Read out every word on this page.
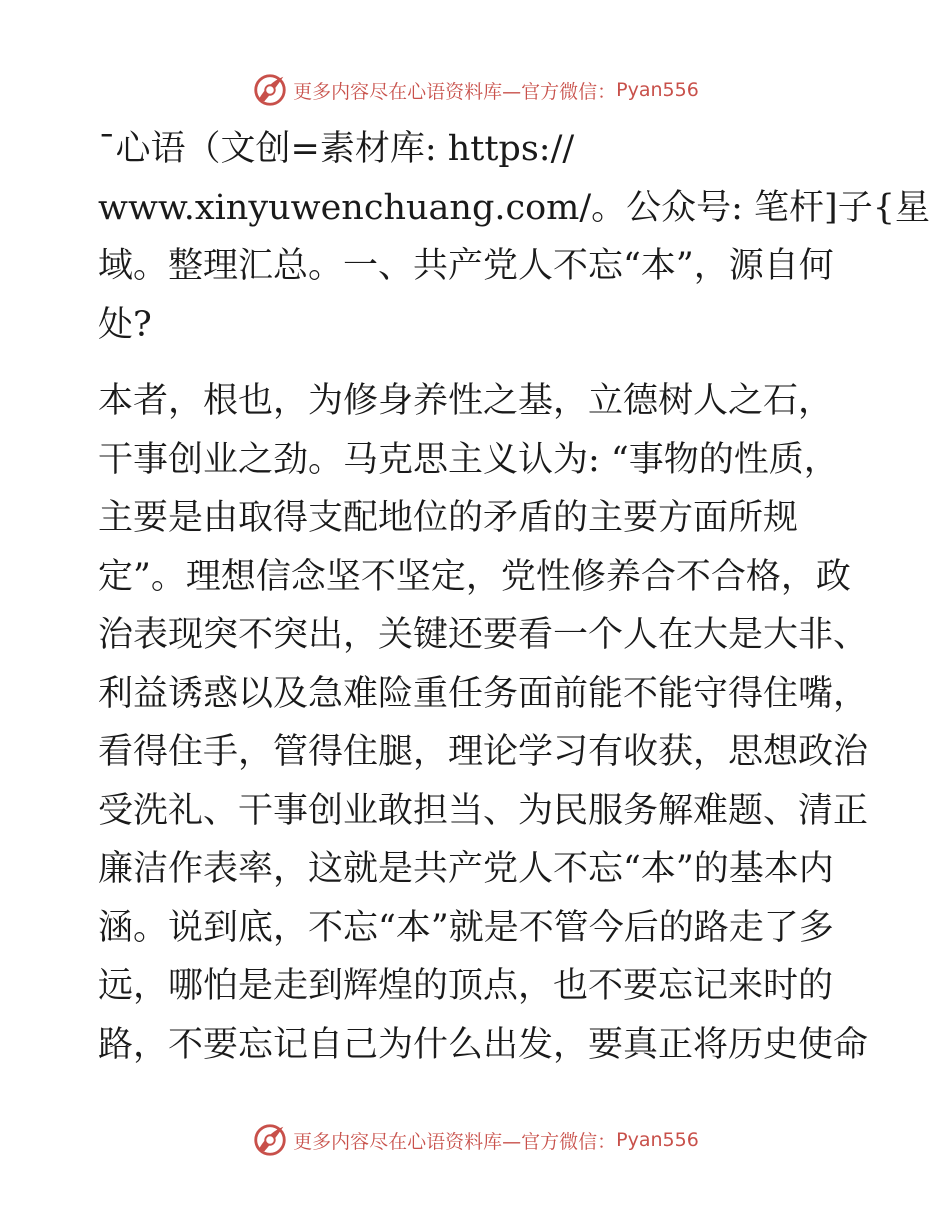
更多内容尽在心语资料库—官方微信： Pyan556
¯心语（文创=素材库: https://
www.xinyuwenchuang.com/。公众号: 笔杆]子{星
域。整理汇总。一、共产党人不忘“本”，源自何
处?
本者，根也，为修身养性之基，立德树人之石，
干事创业之劲。马克思主义认为: “事物的性质，
主要是由取得支配地位的矛盾的主要方面所规
定”。理想信念坚不坚定，党性修养合不合格，政
治表现突不突出，关键还要看一个人在大是大非、
利益诱惑以及急难险重任务面前能不能守得住嘴，
看得住手，管得住腿，理论学习有收获，思想政治
受洗礼、干事创业敢担当、为民服务解难题、清正
廉洁作表率，这就是共产党人不忘“本”的基本内
涵。说到底，不忘“本”就是不管今后的路走了多
远，哪怕是走到辉煌的顶点，也不要忘记来时的
路，不要忘记自己为什么出发，要真正将历史使命
更多内容尽在心语资料库—官方微信： Pyan556
